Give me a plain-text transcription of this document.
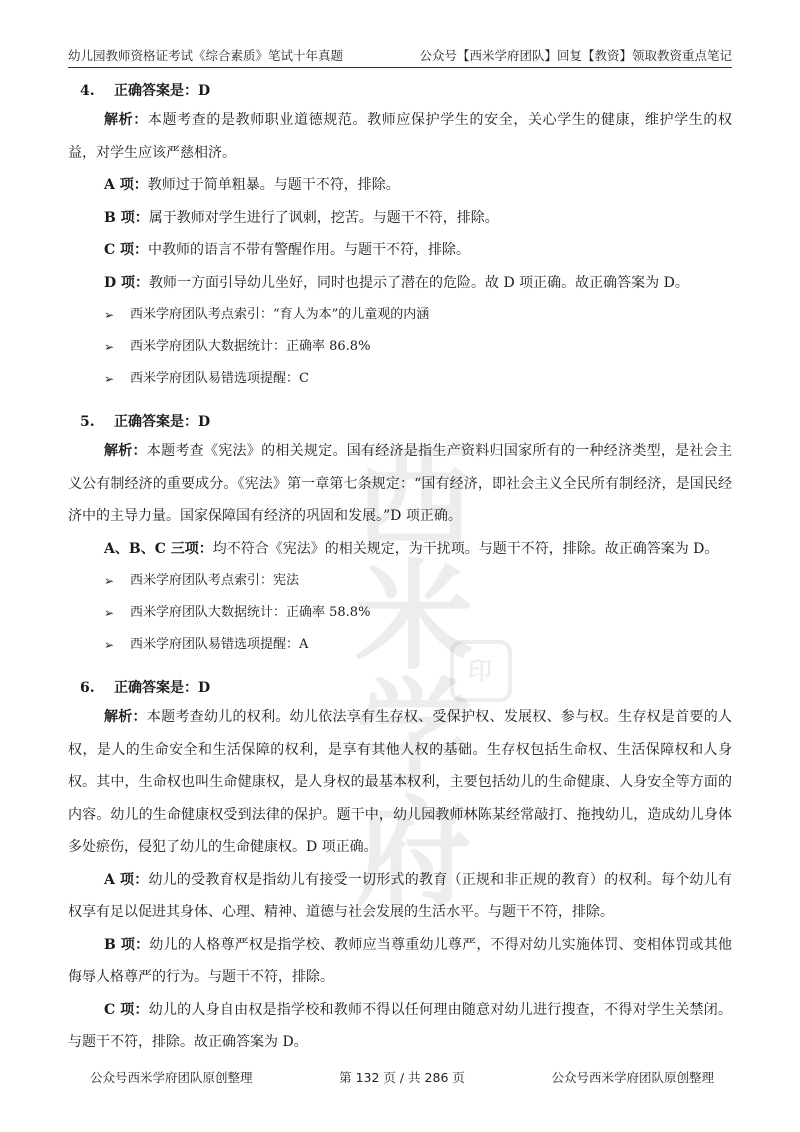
幼儿园教师资格证考试《综合素质》笔试十年真题	公众号【西米学府团队】回复【教资】领取教资重点笔记
西米
学府
印

4. 正确答案是：D

解析：本题考查的是教师职业道德规范。教师应保护学生的安全，关心学生的健康，维护学生的权益，对学生应该严慈相济。

A 项：教师过于简单粗暴。与题干不符，排除。

B 项：属于教师对学生进行了讽刺，挖苦。与题干不符，排除。

C 项：中教师的语言不带有警醒作用。与题干不符，排除。

D 项：教师一方面引导幼儿坐好，同时也提示了潜在的危险。故 D 项正确。故正确答案为 D。

➢	西米学府团队考点索引：“育人为本”的儿童观的内涵

➢	西米学府团队大数据统计：正确率 86.8%

➢	西米学府团队易错选项提醒：C

5. 正确答案是：D

解析：本题考查《宪法》的相关规定。国有经济是指生产资料归国家所有的一种经济类型，是社会主义公有制经济的重要成分。《宪法》第一章第七条规定：“国有经济，即社会主义全民所有制经济，是国民经济中的主导力量。国家保障国有经济的巩固和发展。”D 项正确。

A、B、C 三项：均不符合《宪法》的相关规定，为干扰项。与题干不符，排除。故正确答案为 D。

➢	西米学府团队考点索引：宪法

➢	西米学府团队大数据统计：正确率 58.8%

➢	西米学府团队易错选项提醒：A

6. 正确答案是：D

解析：本题考查幼儿的权利。幼儿依法享有生存权、受保护权、发展权、参与权。生存权是首要的人权，是人的生命安全和生活保障的权利，是享有其他人权的基础。生存权包括生命权、生活保障权和人身权。其中，生命权也叫生命健康权，是人身权的最基本权利，主要包括幼儿的生命健康、人身安全等方面的内容。幼儿的生命健康权受到法律的保护。题干中，幼儿园教师林陈某经常敲打、拖拽幼儿，造成幼儿身体多处瘀伤，侵犯了幼儿的生命健康权。D 项正确。

A 项：幼儿的受教育权是指幼儿有接受一切形式的教育（正规和非正规的教育）的权利。每个幼儿有权享有足以促进其身体、心理、精神、道德与社会发展的生活水平。与题干不符，排除。

B 项：幼儿的人格尊严权是指学校、教师应当尊重幼儿尊严，不得对幼儿实施体罚、变相体罚或其他侮辱人格尊严的行为。与题干不符，排除。

C 项：幼儿的人身自由权是指学校和教师不得以任何理由随意对幼儿进行搜查，不得对学生关禁闭。与题干不符，排除。故正确答案为 D。

公众号西米学府团队原创整理	第 132 页 / 共 286 页	公众号西米学府团队原创整理
